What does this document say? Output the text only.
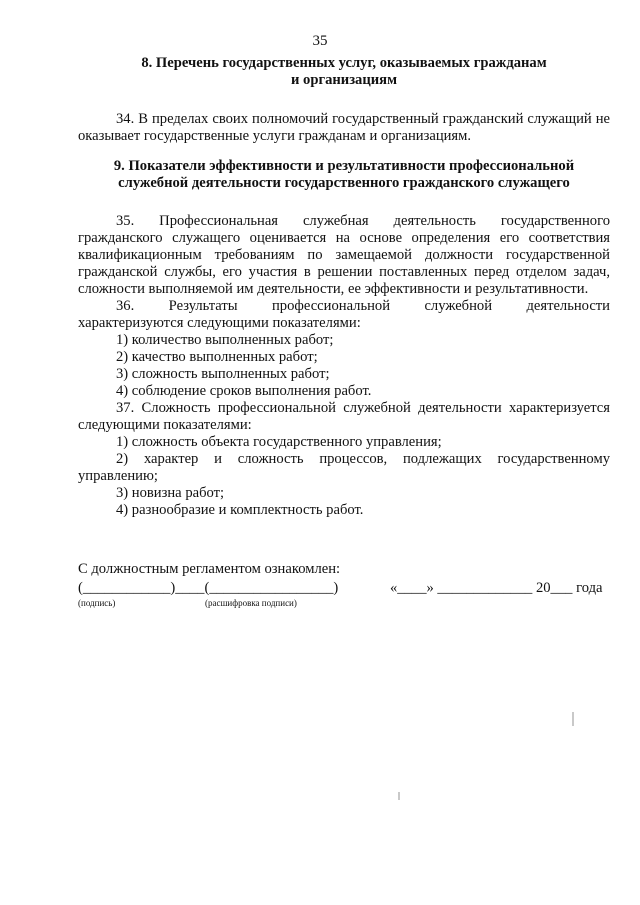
35
8. Перечень государственных услуг, оказываемых гражданам
и организациям

34. В пределах своих полномочий государственный гражданский служащий не оказывает государственные услуги гражданам и организациям.

9. Показатели эффективности и результативности профессиональной
служебной деятельности государственного гражданского служащего

35. Профессиональная служебная деятельность государственного гражданского служащего оценивается на основе определения его соответствия квалификационным требованиям по замещаемой должности государственной гражданской службы, его участия в решении поставленных перед отделом задач, сложности выполняемой им деятельности, ее эффективности и результативности.

36. Результаты профессиональной служебной деятельности

характеризуются следующими показателями:

1) количество выполненных работ;

2) качество выполненных работ;

3) сложность выполненных работ;

4) соблюдение сроков выполнения работ.

37. Сложность профессиональной служебной деятельности характеризуется следующими показателями:

1) сложность объекта государственного управления;

2) характер и сложность процессов, подлежащих государственному управлению;

3) новизна работ;

4) разнообразие и комплектность работ.

С должностным регламентом ознакомлен:
(____________)____(_________________)	«____» _____________ 20___ года
(подпись)	(расшифровка подписи)
